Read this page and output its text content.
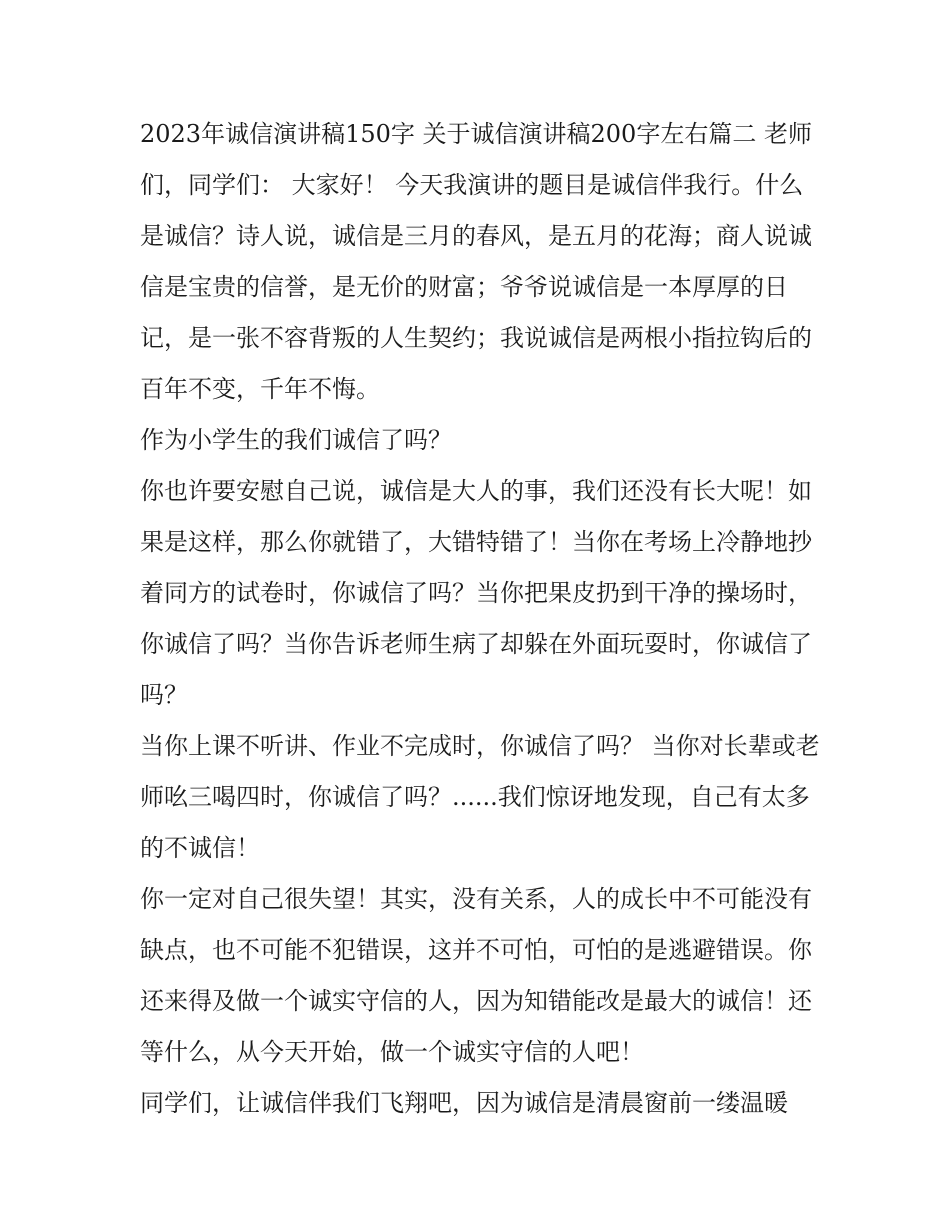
2023年诚信演讲稿150字 关于诚信演讲稿200字左右篇二 老师们，同学们： 大家好！ 今天我演讲的题目是诚信伴我行。什么是诚信？诗人说，诚信是三月的春风，是五月的花海；商人说诚信是宝贵的信誉，是无价的财富；爷爷说诚信是一本厚厚的日记，是一张不容背叛的人生契约；我说诚信是两根小指拉钩后的百年不变，千年不悔。

作为小学生的我们诚信了吗？

你也许要安慰自己说，诚信是大人的事，我们还没有长大呢！如果是这样，那么你就错了，大错特错了！当你在考场上冷静地抄着同方的试卷时，你诚信了吗？当你把果皮扔到干净的操场时，你诚信了吗？当你告诉老师生病了却躲在外面玩耍时，你诚信了吗？

当你上课不听讲、作业不完成时，你诚信了吗？ 当你对长辈或老师吆三喝四时，你诚信了吗？......我们惊讶地发现，自己有太多的不诚信！

你一定对自己很失望！其实，没有关系，人的成长中不可能没有缺点，也不可能不犯错误，这并不可怕，可怕的是逃避错误。你还来得及做一个诚实守信的人，因为知错能改是最大的诚信！还等什么，从今天开始，做一个诚实守信的人吧！

同学们，让诚信伴我们飞翔吧，因为诚信是清晨窗前一缕温暖
